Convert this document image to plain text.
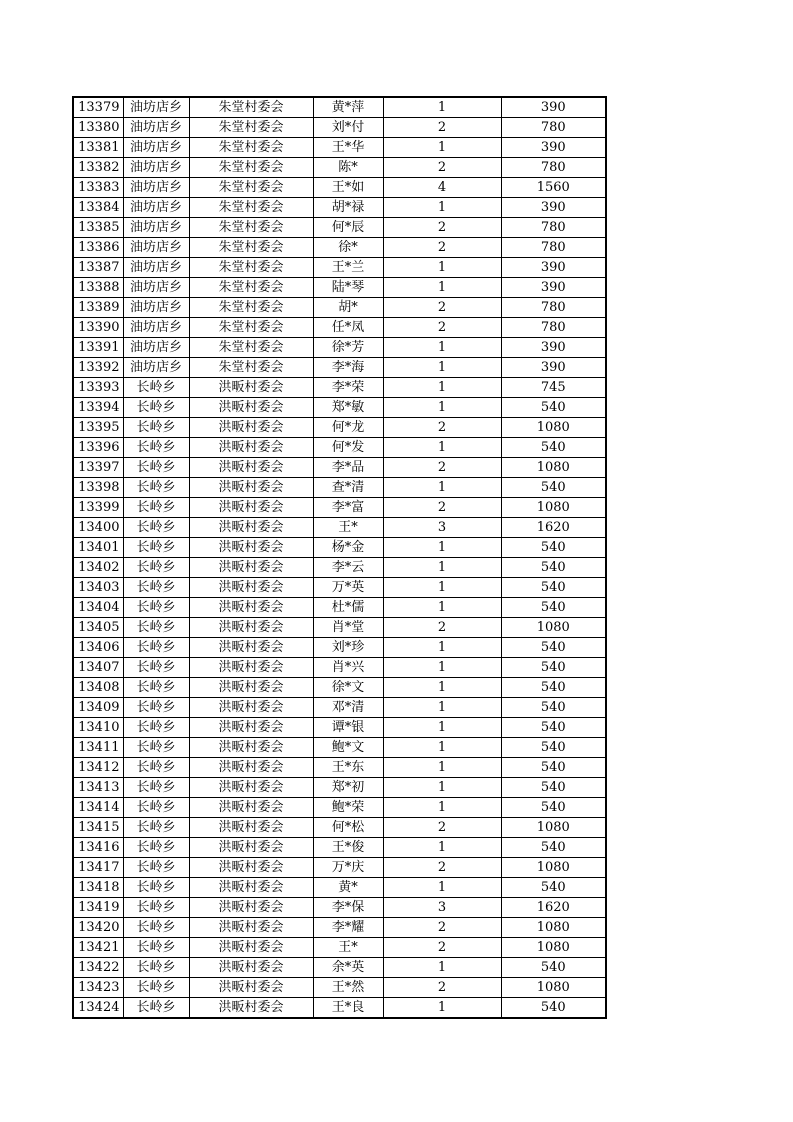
13379	油坊店乡	朱堂村委会	黄*萍	1	390
13380	油坊店乡	朱堂村委会	刘*付	2	780
13381	油坊店乡	朱堂村委会	王*华	1	390
13382	油坊店乡	朱堂村委会	陈*	2	780
13383	油坊店乡	朱堂村委会	王*如	4	1560
13384	油坊店乡	朱堂村委会	胡*禄	1	390
13385	油坊店乡	朱堂村委会	何*辰	2	780
13386	油坊店乡	朱堂村委会	徐*	2	780
13387	油坊店乡	朱堂村委会	王*兰	1	390
13388	油坊店乡	朱堂村委会	陆*琴	1	390
13389	油坊店乡	朱堂村委会	胡*	2	780
13390	油坊店乡	朱堂村委会	任*凤	2	780
13391	油坊店乡	朱堂村委会	徐*芳	1	390
13392	油坊店乡	朱堂村委会	李*海	1	390
13393	长岭乡	洪畈村委会	李*荣	1	745
13394	长岭乡	洪畈村委会	郑*敏	1	540
13395	长岭乡	洪畈村委会	何*龙	2	1080
13396	长岭乡	洪畈村委会	何*发	1	540
13397	长岭乡	洪畈村委会	李*品	2	1080
13398	长岭乡	洪畈村委会	查*清	1	540
13399	长岭乡	洪畈村委会	李*富	2	1080
13400	长岭乡	洪畈村委会	王*	3	1620
13401	长岭乡	洪畈村委会	杨*金	1	540
13402	长岭乡	洪畈村委会	李*云	1	540
13403	长岭乡	洪畈村委会	万*英	1	540
13404	长岭乡	洪畈村委会	杜*儒	1	540
13405	长岭乡	洪畈村委会	肖*堂	2	1080
13406	长岭乡	洪畈村委会	刘*珍	1	540
13407	长岭乡	洪畈村委会	肖*兴	1	540
13408	长岭乡	洪畈村委会	徐*文	1	540
13409	长岭乡	洪畈村委会	邓*清	1	540
13410	长岭乡	洪畈村委会	谭*银	1	540
13411	长岭乡	洪畈村委会	鲍*文	1	540
13412	长岭乡	洪畈村委会	王*东	1	540
13413	长岭乡	洪畈村委会	郑*初	1	540
13414	长岭乡	洪畈村委会	鲍*荣	1	540
13415	长岭乡	洪畈村委会	何*松	2	1080
13416	长岭乡	洪畈村委会	王*俊	1	540
13417	长岭乡	洪畈村委会	万*庆	2	1080
13418	长岭乡	洪畈村委会	黄*	1	540
13419	长岭乡	洪畈村委会	李*保	3	1620
13420	长岭乡	洪畈村委会	李*耀	2	1080
13421	长岭乡	洪畈村委会	王*	2	1080
13422	长岭乡	洪畈村委会	余*英	1	540
13423	长岭乡	洪畈村委会	王*然	2	1080
13424	长岭乡	洪畈村委会	王*良	1	540
